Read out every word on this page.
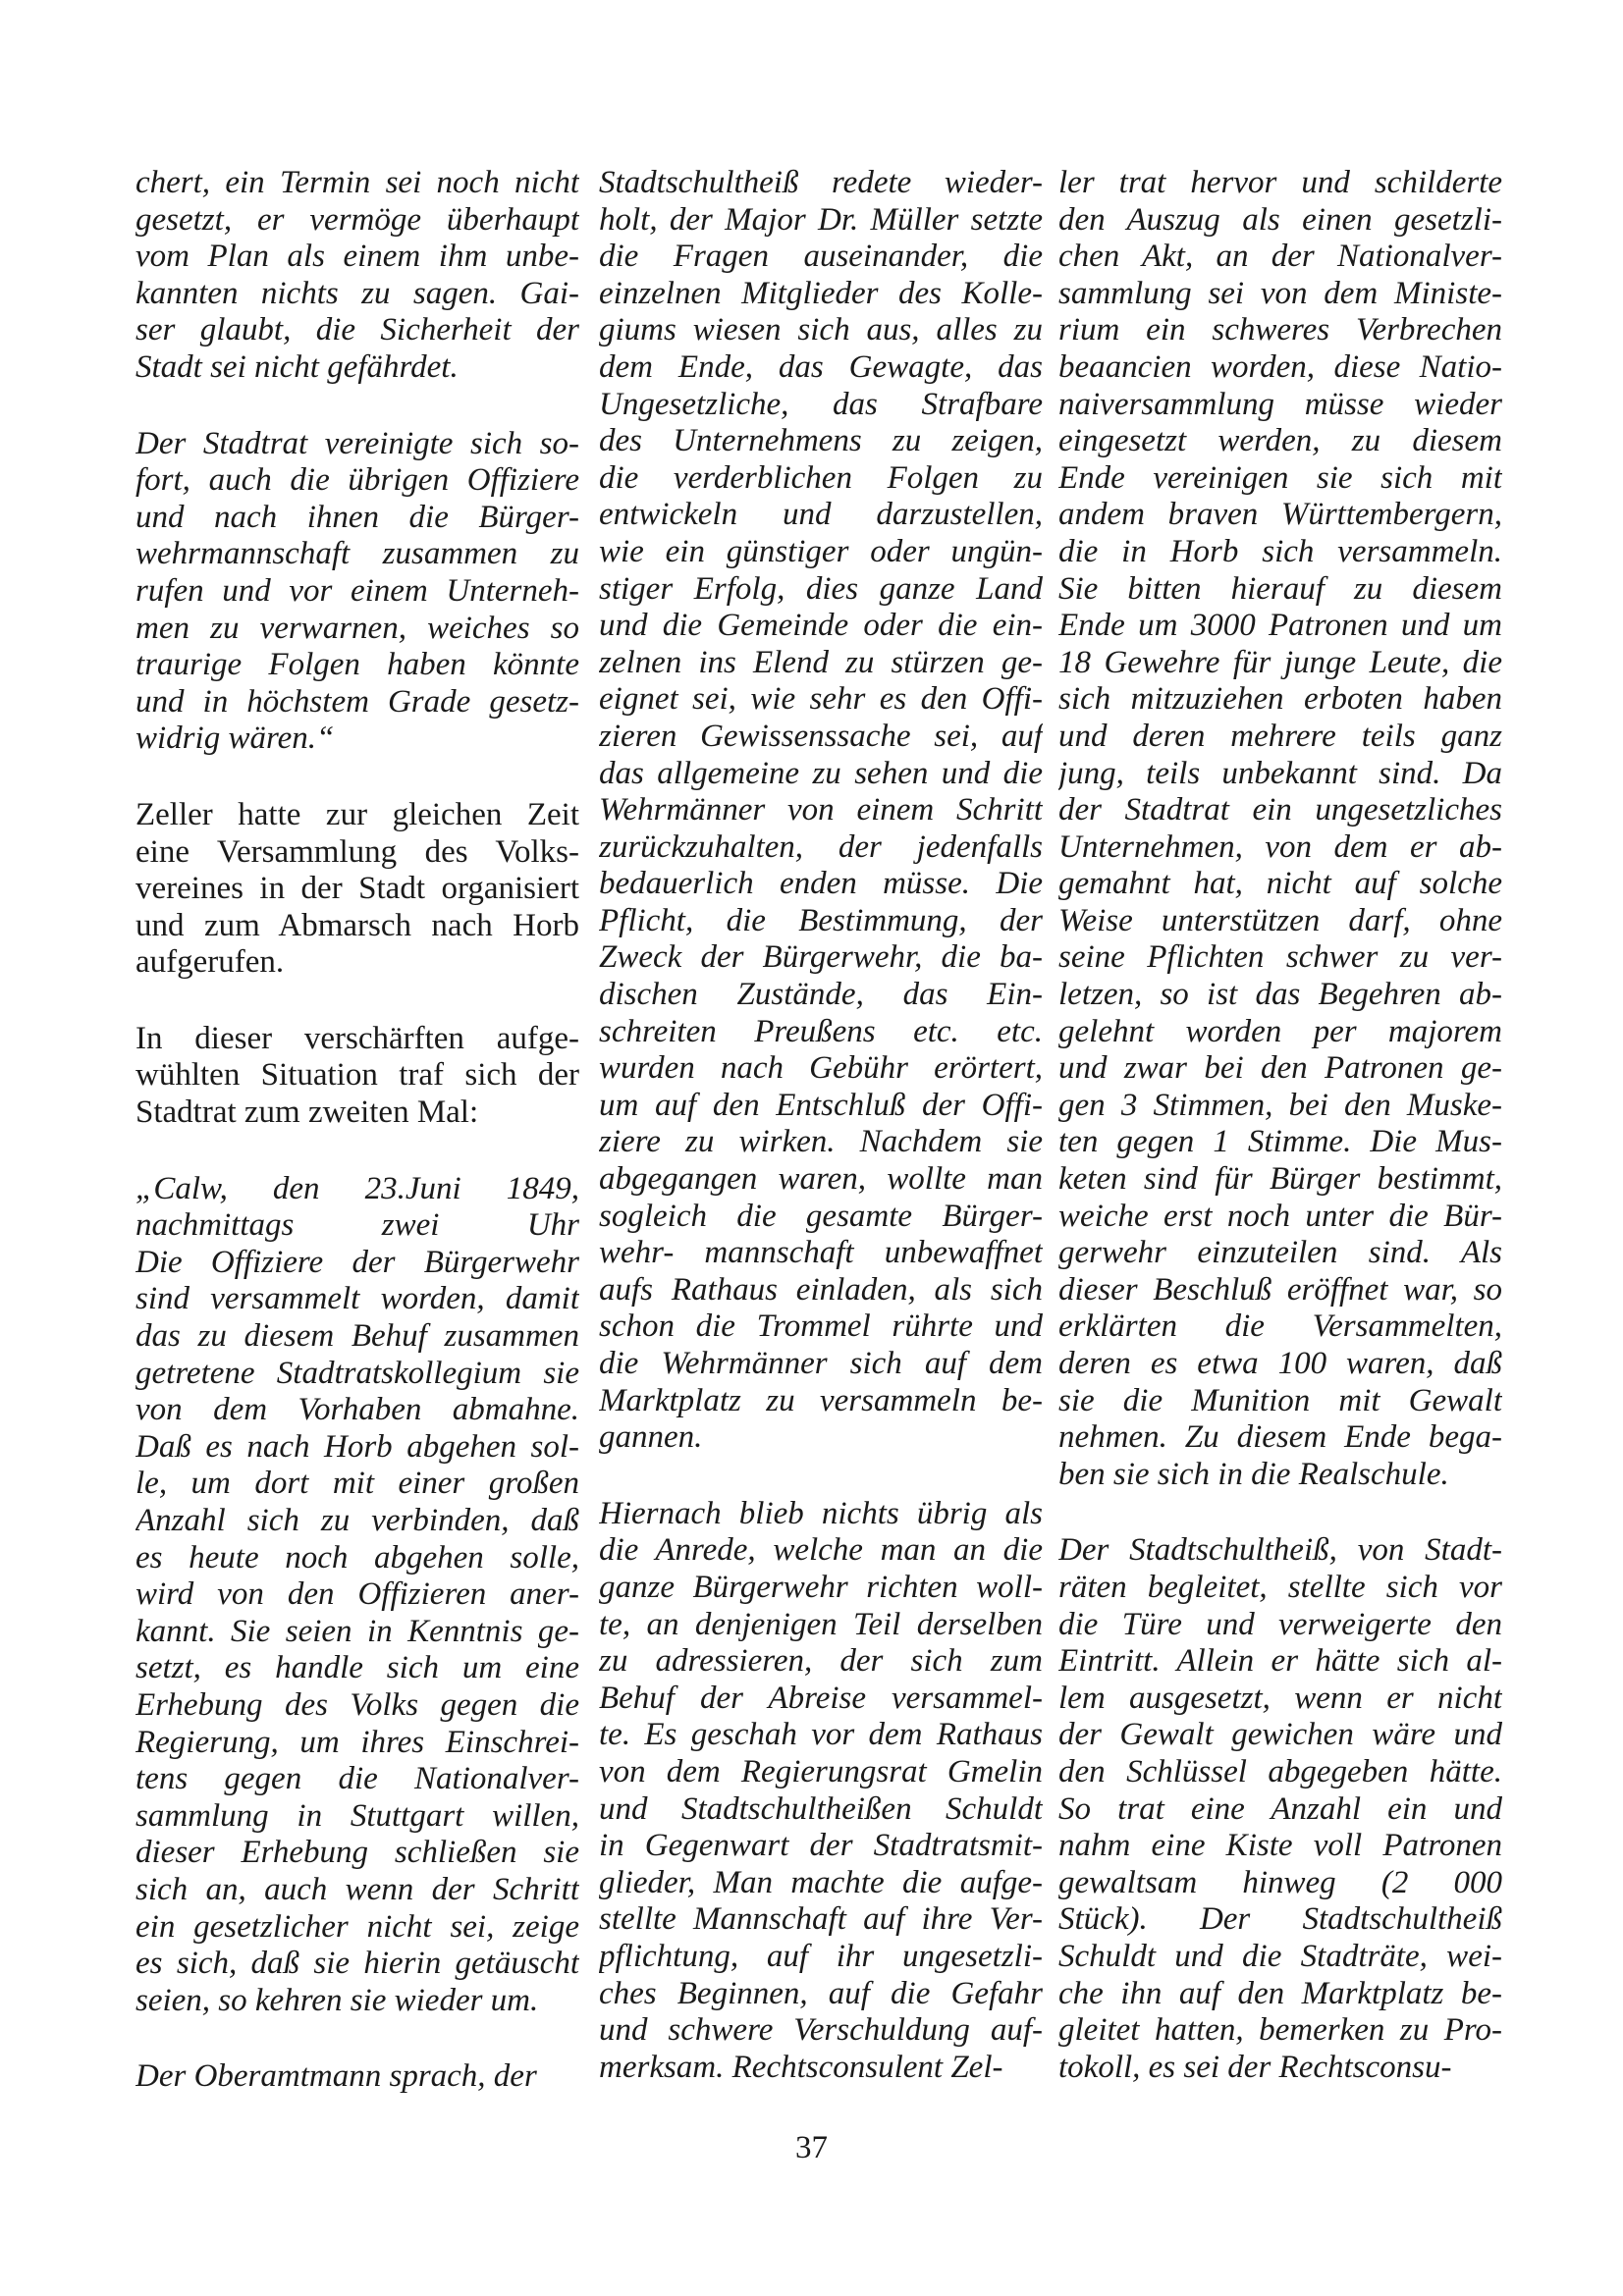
chert, ein Termin sei noch nicht
gesetzt, er vermöge überhaupt
vom Plan als einem ihm unbe-
kannten nichts zu sagen. Gai-
ser glaubt, die Sicherheit der
Stadt sei nicht gefährdet.
Der Stadtrat vereinigte sich so-
fort, auch die übrigen Offiziere
und nach ihnen die Bürger-
wehrmannschaft zusammen zu
rufen und vor einem Unterneh-
men zu verwarnen, weiches so
traurige Folgen haben könnte
und in höchstem Grade gesetz-
widrig wären.“
Zeller hatte zur gleichen Zeit
eine Versammlung des Volks-
vereines in der Stadt organisiert
und zum Abmarsch nach Horb
aufgerufen.
In dieser verschärften aufge-
wühlten Situation traf sich der
Stadtrat zum zweiten Mal:
„Calw, den 23.Juni 1849,
nachmittags zwei Uhr
Die Offiziere der Bürgerwehr
sind versammelt worden, damit
das zu diesem Behuf zusammen
getretene Stadtratskollegium sie
von dem Vorhaben abmahne.
Daß es nach Horb abgehen sol-
le, um dort mit einer großen
Anzahl sich zu verbinden, daß
es heute noch abgehen solle,
wird von den Offizieren aner-
kannt. Sie seien in Kenntnis ge-
setzt, es handle sich um eine
Erhebung des Volks gegen die
Regierung, um ihres Einschrei-
tens gegen die Nationalver-
sammlung in Stuttgart willen,
dieser Erhebung schließen sie
sich an, auch wenn der Schritt
ein gesetzlicher nicht sei, zeige
es sich, daß sie hierin getäuscht
seien, so kehren sie wieder um.
Der Oberamtmann sprach, der
Stadtschultheiß redete wieder-
holt, der Major Dr. Müller setzte
die Fragen auseinander, die
einzelnen Mitglieder des Kolle-
giums wiesen sich aus, alles zu
dem Ende, das Gewagte, das
Ungesetzliche, das Strafbare
des Unternehmens zu zeigen,
die verderblichen Folgen zu
entwickeln und darzustellen,
wie ein günstiger oder ungün-
stiger Erfolg, dies ganze Land
und die Gemeinde oder die ein-
zelnen ins Elend zu stürzen ge-
eignet sei, wie sehr es den Offi-
zieren Gewissenssache sei, auf
das allgemeine zu sehen und die
Wehrmänner von einem Schritt
zurückzuhalten, der jedenfalls
bedauerlich enden müsse. Die
Pflicht, die Bestimmung, der
Zweck der Bürgerwehr, die ba-
dischen Zustände, das Ein-
schreiten Preußens etc. etc.
wurden nach Gebühr erörtert,
um auf den Entschluß der Offi-
ziere zu wirken. Nachdem sie
abgegangen waren, wollte man
sogleich die gesamte Bürger-
wehr- mannschaft unbewaffnet
aufs Rathaus einladen, als sich
schon die Trommel rührte und
die Wehrmänner sich auf dem
Marktplatz zu versammeln be-
gannen.
Hiernach blieb nichts übrig als
die Anrede, welche man an die
ganze Bürgerwehr richten woll-
te, an denjenigen Teil derselben
zu adressieren, der sich zum
Behuf der Abreise versammel-
te. Es geschah vor dem Rathaus
von dem Regierungsrat Gmelin
und Stadtschultheißen Schuldt
in Gegenwart der Stadtratsmit-
glieder, Man machte die aufge-
stellte Mannschaft auf ihre Ver-
pflichtung, auf ihr ungesetzli-
ches Beginnen, auf die Gefahr
und schwere Verschuldung auf-
merksam. Rechtsconsulent Zel-
ler trat hervor und schilderte
den Auszug als einen gesetzli-
chen Akt, an der Nationalver-
sammlung sei von dem Ministe-
rium ein schweres Verbrechen
beaancien worden, diese Natio-
naiversammlung müsse wieder
eingesetzt werden, zu diesem
Ende vereinigen sie sich mit
andem braven Württembergern,
die in Horb sich versammeln.
Sie bitten hierauf zu diesem
Ende um 3000 Patronen und um
18 Gewehre für junge Leute, die
sich mitzuziehen erboten haben
und deren mehrere teils ganz
jung, teils unbekannt sind. Da
der Stadtrat ein ungesetzliches
Unternehmen, von dem er ab-
gemahnt hat, nicht auf solche
Weise unterstützen darf, ohne
seine Pflichten schwer zu ver-
letzen, so ist das Begehren ab-
gelehnt worden per majorem
und zwar bei den Patronen ge-
gen 3 Stimmen, bei den Muske-
ten gegen 1 Stimme. Die Mus-
keten sind für Bürger bestimmt,
weiche erst noch unter die Bür-
gerwehr einzuteilen sind. Als
dieser Beschluß eröffnet war, so
erklärten die Versammelten,
deren es etwa 100 waren, daß
sie die Munition mit Gewalt
nehmen. Zu diesem Ende bega-
ben sie sich in die Realschule.
Der Stadtschultheiß, von Stadt-
räten begleitet, stellte sich vor
die Türe und verweigerte den
Eintritt. Allein er hätte sich al-
lem ausgesetzt, wenn er nicht
der Gewalt gewichen wäre und
den Schlüssel abgegeben hätte.
So trat eine Anzahl ein und
nahm eine Kiste voll Patronen
gewaltsam hinweg (2 000
Stück). Der Stadtschultheiß
Schuldt und die Stadträte, wei-
che ihn auf den Marktplatz be-
gleitet hatten, bemerken zu Pro-
tokoll, es sei der Rechtsconsu-
37
